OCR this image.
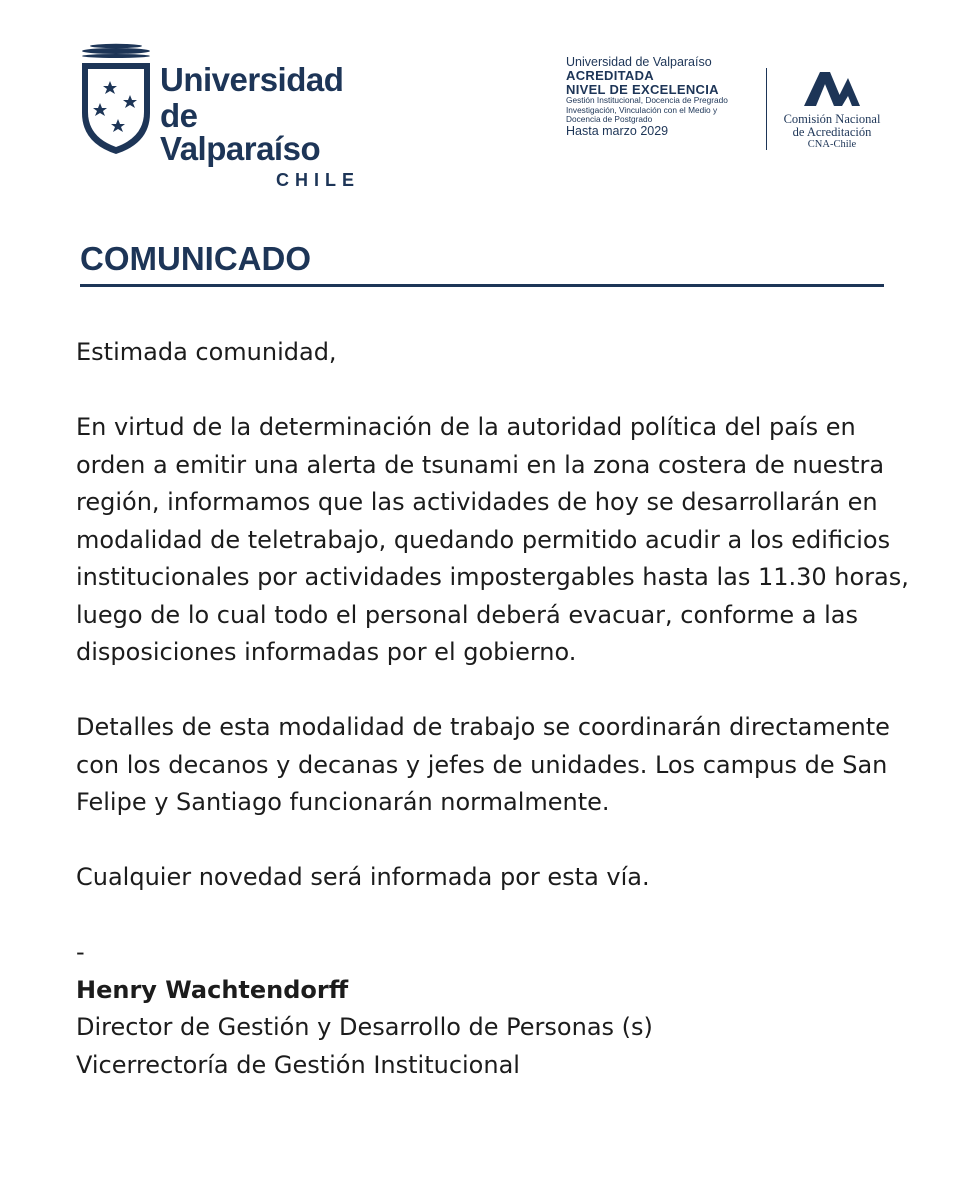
Universidad
de Valparaíso
CHILE
Universidad de Valparaíso
ACREDITADA
NIVEL DE EXCELENCIA
Gestión Institucional, Docencia de Pregrado
Investigación, Vinculación con el Medio y
Docencia de Postgrado
Hasta marzo 2029
Comisión Nacional
de Acreditación
CNA-Chile
COMUNICADO

Estimada comunidad,

En virtud de la determinación de la autoridad política del país en orden a emitir una alerta de tsunami en la zona costera de nuestra región, informamos que las actividades de hoy se desarrollarán en modalidad de teletrabajo, quedando permitido acudir a los edificios institucionales por actividades impostergables hasta las 11.30 horas, luego de lo cual todo el personal deberá evacuar, conforme a las disposiciones informadas por el gobierno.

Detalles de esta modalidad de trabajo se coordinarán directamente con los decanos y decanas y jefes de unidades. Los campus de San Felipe y Santiago funcionarán normalmente.

Cualquier novedad será informada por esta vía.

-

Henry Wachtendorff

Director de Gestión y Desarrollo de Personas (s)

Vicerrectoría de Gestión Institucional
